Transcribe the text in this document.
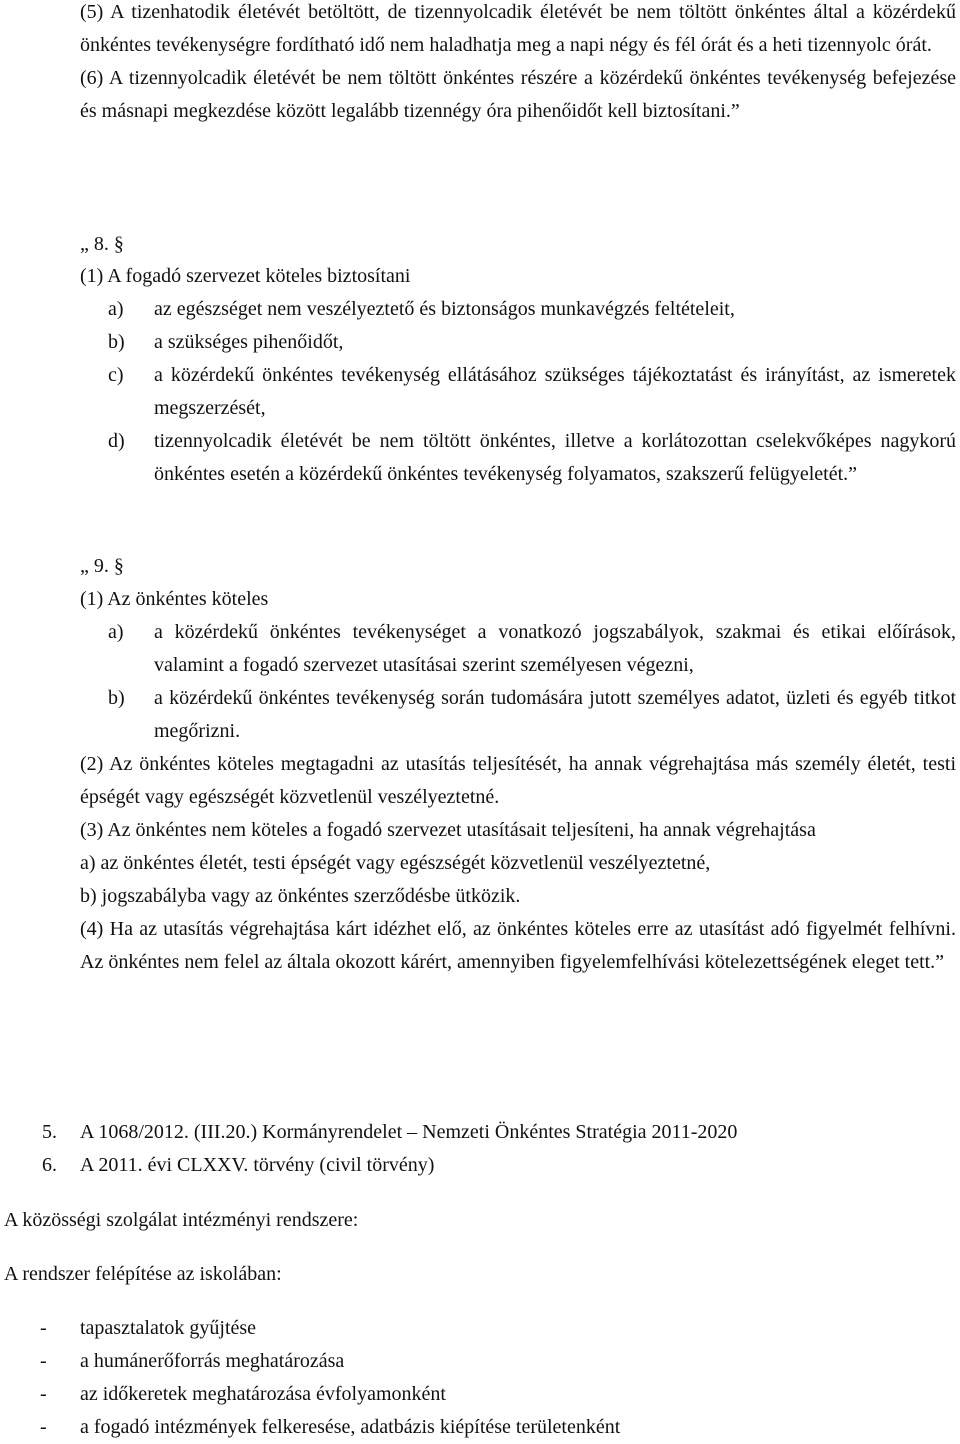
(5) A tizenhatodik életévét betöltött, de tizennyolcadik életévét be nem töltött önkéntes által a közérdekű önkéntes tevékenységre fordítható idő nem haladhatja meg a napi négy és fél órát és a heti tizennyolc órát.

(6) A tizennyolcadik életévét be nem töltött önkéntes részére a közérdekű önkéntes tevékenység befejezése és másnapi megkezdése között legalább tizennégy óra pihenőidőt kell biztosítani.”

„ 8. §

(1) A fogadó szervezet köteles biztosítani

a)	az egészséget nem veszélyeztető és biztonságos munkavégzés feltételeit,
b)	a szükséges pihenőidőt,
c)	a közérdekű önkéntes tevékenység ellátásához szükséges tájékoztatást és irányítást, az ismeretek megszerzését,
d)	tizennyolcadik életévét be nem töltött önkéntes, illetve a korlátozottan cselekvőképes nagykorú önkéntes esetén a közérdekű önkéntes tevékenység folyamatos, szakszerű felügyeletét.”

„ 9. §

(1) Az önkéntes köteles

a)	a közérdekű önkéntes tevékenységet a vonatkozó jogszabályok, szakmai és etikai előírások, valamint a fogadó szervezet utasításai szerint személyesen végezni,
b)	a közérdekű önkéntes tevékenység során tudomására jutott személyes adatot, üzleti és egyéb titkot megőrizni.

(2) Az önkéntes köteles megtagadni az utasítás teljesítését, ha annak végrehajtása más személy életét, testi épségét vagy egészségét közvetlenül veszélyeztetné.

(3) Az önkéntes nem köteles a fogadó szervezet utasításait teljesíteni, ha annak végrehajtása

a) az önkéntes életét, testi épségét vagy egészségét közvetlenül veszélyeztetné,

b) jogszabályba vagy az önkéntes szerződésbe ütközik.

(4) Ha az utasítás végrehajtása kárt idézhet elő, az önkéntes köteles erre az utasítást adó figyelmét felhívni. Az önkéntes nem felel az általa okozott kárért, amennyiben figyelemfelhívási kötelezettségének eleget tett.”

5.	A 1068/2012. (III.20.) Kormányrendelet – Nemzeti Önkéntes Stratégia 2011-2020
6.	A 2011. évi CLXXV. törvény (civil törvény)

A közösségi szolgálat intézményi rendszere:

A rendszer felépítése az iskolában:

-	tapasztalatok gyűjtése
-	a humánerőforrás meghatározása
-	az időkeretek meghatározása évfolyamonként
-	a fogadó intézmények felkeresése, adatbázis kiépítése területenként
